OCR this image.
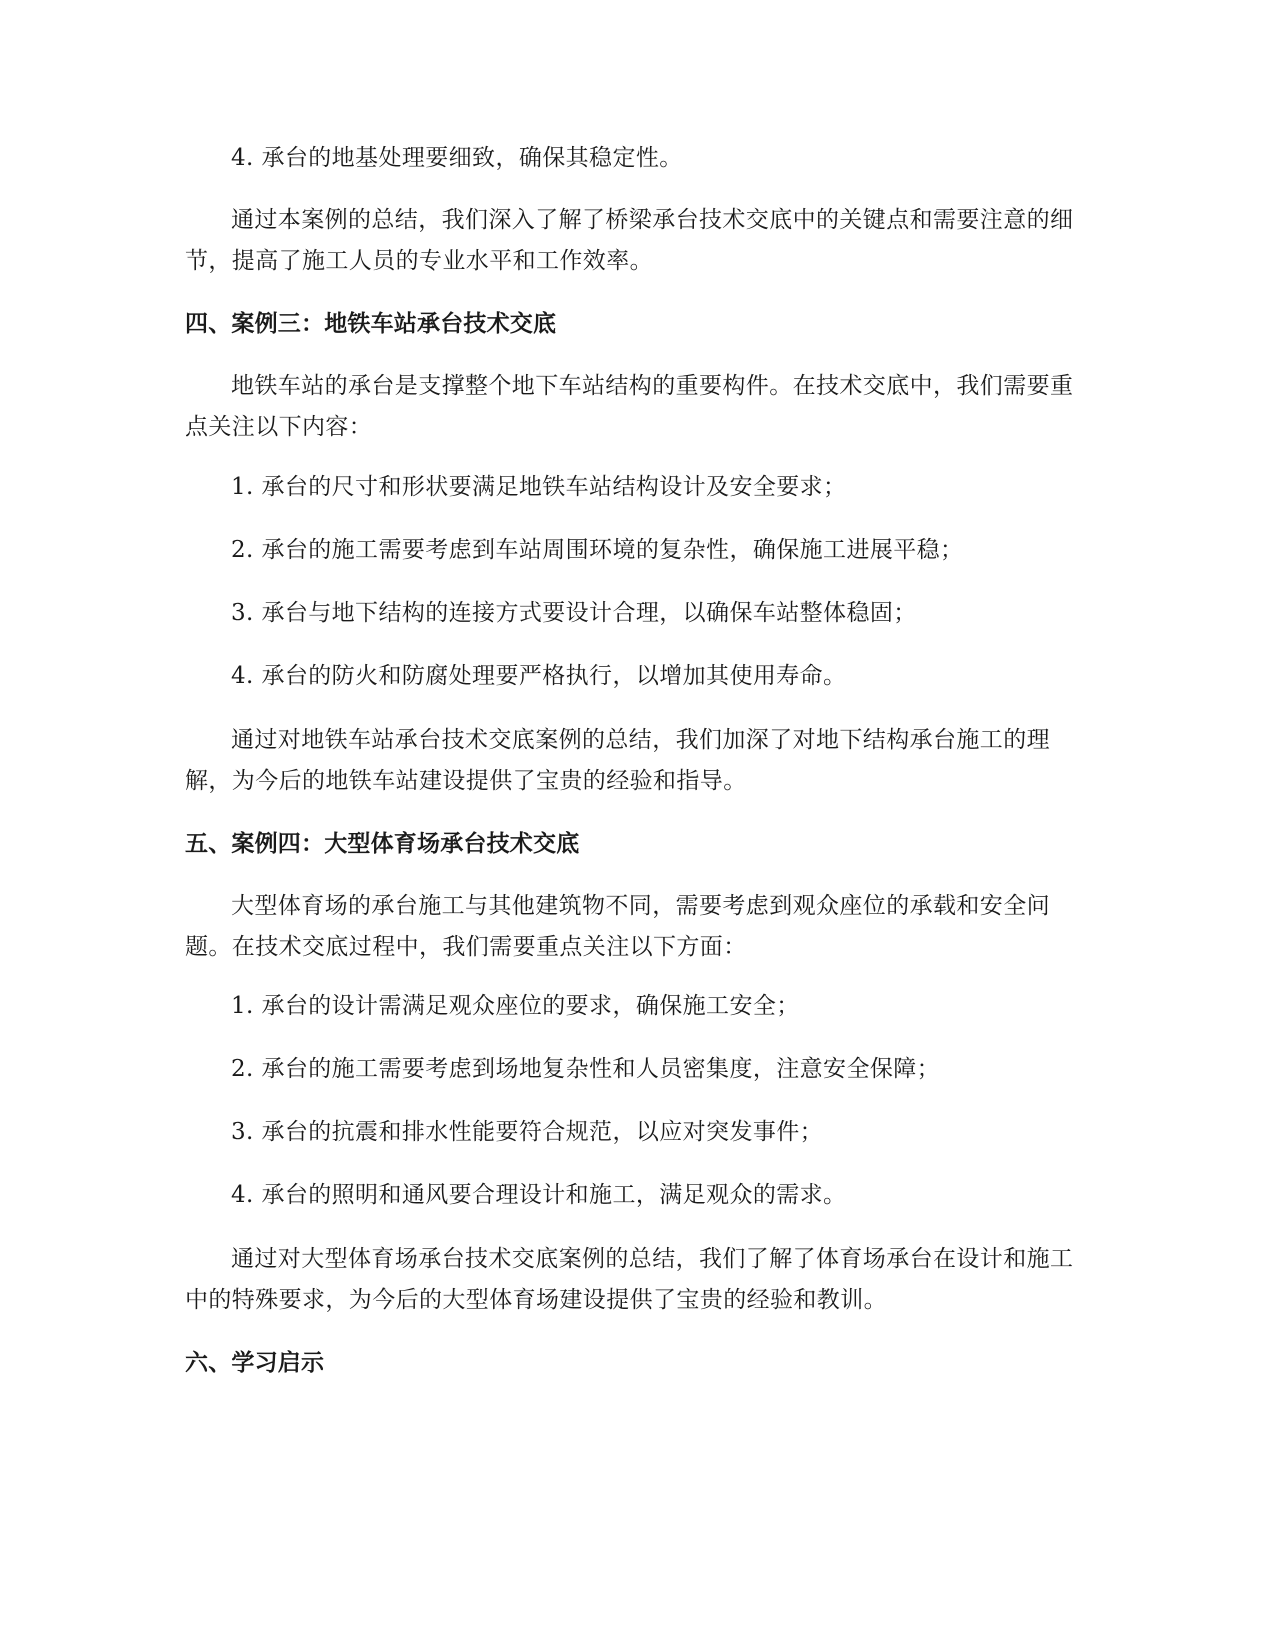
4. 承台的地基处理要细致，确保其稳定性。

通过本案例的总结，我们深入了解了桥梁承台技术交底中的关键点和需要注意的细节，提高了施工人员的专业水平和工作效率。

四、案例三：地铁车站承台技术交底

地铁车站的承台是支撑整个地下车站结构的重要构件。在技术交底中，我们需要重点关注以下内容：

1. 承台的尺寸和形状要满足地铁车站结构设计及安全要求；

2. 承台的施工需要考虑到车站周围环境的复杂性，确保施工进展平稳；

3. 承台与地下结构的连接方式要设计合理，以确保车站整体稳固；

4. 承台的防火和防腐处理要严格执行，以增加其使用寿命。

通过对地铁车站承台技术交底案例的总结，我们加深了对地下结构承台施工的理解，为今后的地铁车站建设提供了宝贵的经验和指导。

五、案例四：大型体育场承台技术交底

大型体育场的承台施工与其他建筑物不同，需要考虑到观众座位的承载和安全问题。在技术交底过程中，我们需要重点关注以下方面：

1. 承台的设计需满足观众座位的要求，确保施工安全；

2. 承台的施工需要考虑到场地复杂性和人员密集度，注意安全保障；

3. 承台的抗震和排水性能要符合规范，以应对突发事件；

4. 承台的照明和通风要合理设计和施工，满足观众的需求。

通过对大型体育场承台技术交底案例的总结，我们了解了体育场承台在设计和施工中的特殊要求，为今后的大型体育场建设提供了宝贵的经验和教训。

六、学习启示
